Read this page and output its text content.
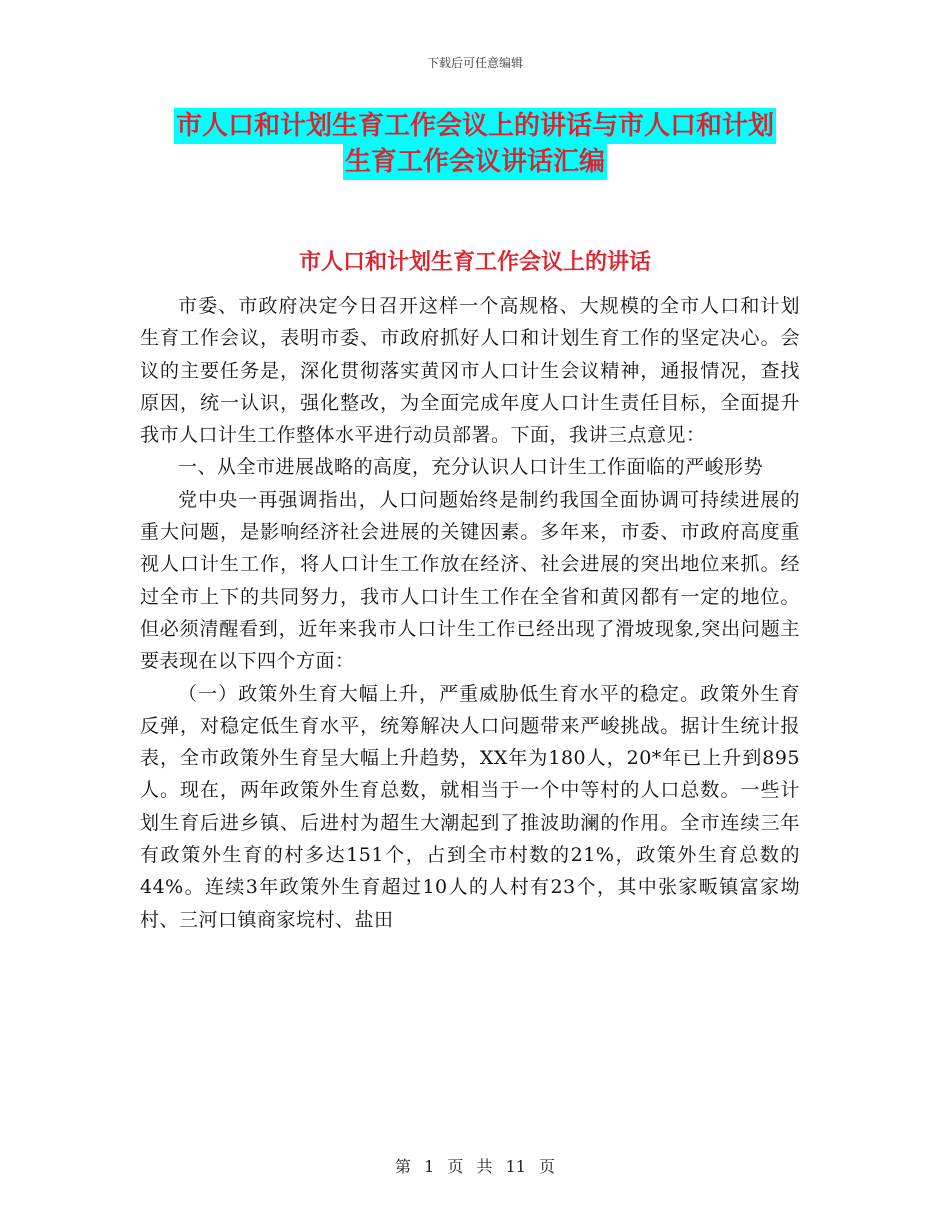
下载后可任意编辑
市人口和计划生育工作会议上的讲话与市人口和计划
生育工作会议讲话汇编
市人口和计划生育工作会议上的讲话

市委、市政府决定今日召开这样一个高规格、大规模的全市人口和计划生育工作会议，表明市委、市政府抓好人口和计划生育工作的坚定决心。会议的主要任务是，深化贯彻落实黄冈市人口计生会议精神，通报情况，查找原因，统一认识，强化整改，为全面完成年度人口计生责任目标，全面提升我市人口计生工作整体水平进行动员部署。下面，我讲三点意见：

一、从全市进展战略的高度，充分认识人口计生工作面临的严峻形势

党中央一再强调指出，人口问题始终是制约我国全面协调可持续进展的重大问题，是影响经济社会进展的关键因素。多年来，市委、市政府高度重视人口计生工作，将人口计生工作放在经济、社会进展的突出地位来抓。经过全市上下的共同努力，我市人口计生工作在全省和黄冈都有一定的地位。但必须清醒看到，近年来我市人口计生工作已经出现了滑坡现象,突出问题主要表现在以下四个方面：

（一）政策外生育大幅上升，严重威胁低生育水平的稳定。政策外生育反弹，对稳定低生育水平，统筹解决人口问题带来严峻挑战。据计生统计报表，全市政策外生育呈大幅上升趋势，XX年为180人，20*年已上升到895人。现在，两年政策外生育总数，就相当于一个中等村的人口总数。一些计划生育后进乡镇、后进村为超生大潮起到了推波助澜的作用。全市连续三年有政策外生育的村多达151个，占到全市村数的21%，政策外生育总数的44%。连续3年政策外生育超过10人的人村有23个，其中张家畈镇富家坳村、三河口镇商家垸村、盐田

第 1 页 共 11 页
